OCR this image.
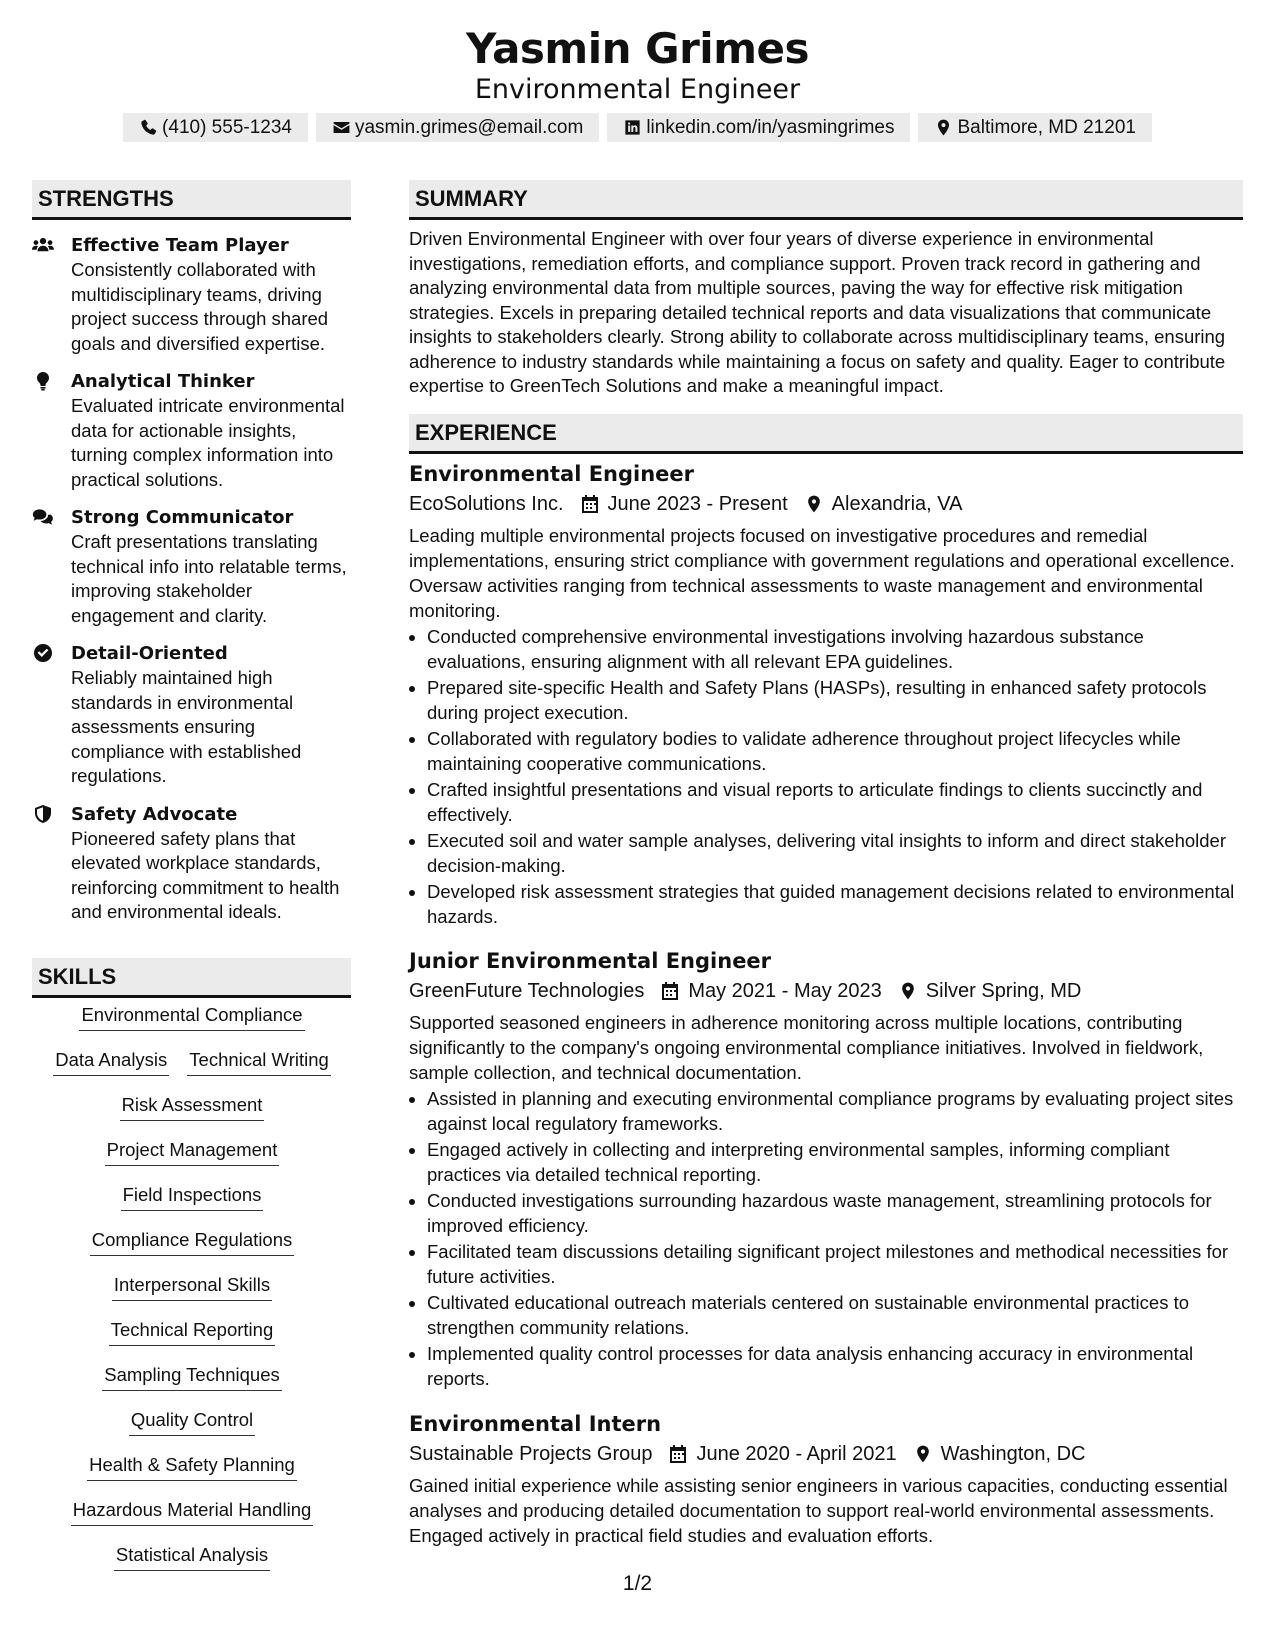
Yasmin Grimes
Environmental Engineer
(410) 555-1234	yasmin.grimes@email.com	linkedin.com/in/yasmingrimes	Baltimore, MD 21201
STRENGTHS
Effective Team Player
Consistently collaborated with multidisciplinary teams, driving project success through shared goals and diversified expertise.
Analytical Thinker
Evaluated intricate environmental data for actionable insights, turning complex information into practical solutions.
Strong Communicator
Craft presentations translating technical info into relatable terms, improving stakeholder engagement and clarity.
Detail-Oriented
Reliably maintained high standards in environmental assessments ensuring compliance with established regulations.
Safety Advocate
Pioneered safety plans that elevated workplace standards, reinforcing commitment to health and environmental ideals.
SKILLS
Environmental Compliance
Data Analysis Technical Writing
Risk Assessment
Project Management
Field Inspections
Compliance Regulations
Interpersonal Skills
Technical Reporting
Sampling Techniques
Quality Control
Health & Safety Planning
Hazardous Material Handling
Statistical Analysis
SUMMARY
Driven Environmental Engineer with over four years of diverse experience in environmental investigations, remediation efforts, and compliance support. Proven track record in gathering and analyzing environmental data from multiple sources, paving the way for effective risk mitigation strategies. Excels in preparing detailed technical reports and data visualizations that communicate insights to stakeholders clearly. Strong ability to collaborate across multidisciplinary teams, ensuring adherence to industry standards while maintaining a focus on safety and quality. Eager to contribute expertise to GreenTech Solutions and make a meaningful impact.
EXPERIENCE
Environmental Engineer
EcoSolutions Inc. June 2023 - Present Alexandria, VA
Leading multiple environmental projects focused on investigative procedures and remedial implementations, ensuring strict compliance with government regulations and operational excellence. Oversaw activities ranging from technical assessments to waste management and environmental monitoring.
• Conducted comprehensive environmental investigations involving hazardous substance evaluations, ensuring alignment with all relevant EPA guidelines.
• Prepared site-specific Health and Safety Plans (HASPs), resulting in enhanced safety protocols during project execution.
• Collaborated with regulatory bodies to validate adherence throughout project lifecycles while maintaining cooperative communications.
• Crafted insightful presentations and visual reports to articulate findings to clients succinctly and effectively.
• Executed soil and water sample analyses, delivering vital insights to inform and direct stakeholder decision-making.
• Developed risk assessment strategies that guided management decisions related to environmental hazards.
Junior Environmental Engineer
GreenFuture Technologies May 2021 - May 2023 Silver Spring, MD
Supported seasoned engineers in adherence monitoring across multiple locations, contributing significantly to the company's ongoing environmental compliance initiatives. Involved in fieldwork, sample collection, and technical documentation.
• Assisted in planning and executing environmental compliance programs by evaluating project sites against local regulatory frameworks.
• Engaged actively in collecting and interpreting environmental samples, informing compliant practices via detailed technical reporting.
• Conducted investigations surrounding hazardous waste management, streamlining protocols for improved efficiency.
• Facilitated team discussions detailing significant project milestones and methodical necessities for future activities.
• Cultivated educational outreach materials centered on sustainable environmental practices to strengthen community relations.
• Implemented quality control processes for data analysis enhancing accuracy in environmental reports.
Environmental Intern
Sustainable Projects Group June 2020 - April 2021 Washington, DC
Gained initial experience while assisting senior engineers in various capacities, conducting essential analyses and producing detailed documentation to support real-world environmental assessments. Engaged actively in practical field studies and evaluation efforts.
1/2
